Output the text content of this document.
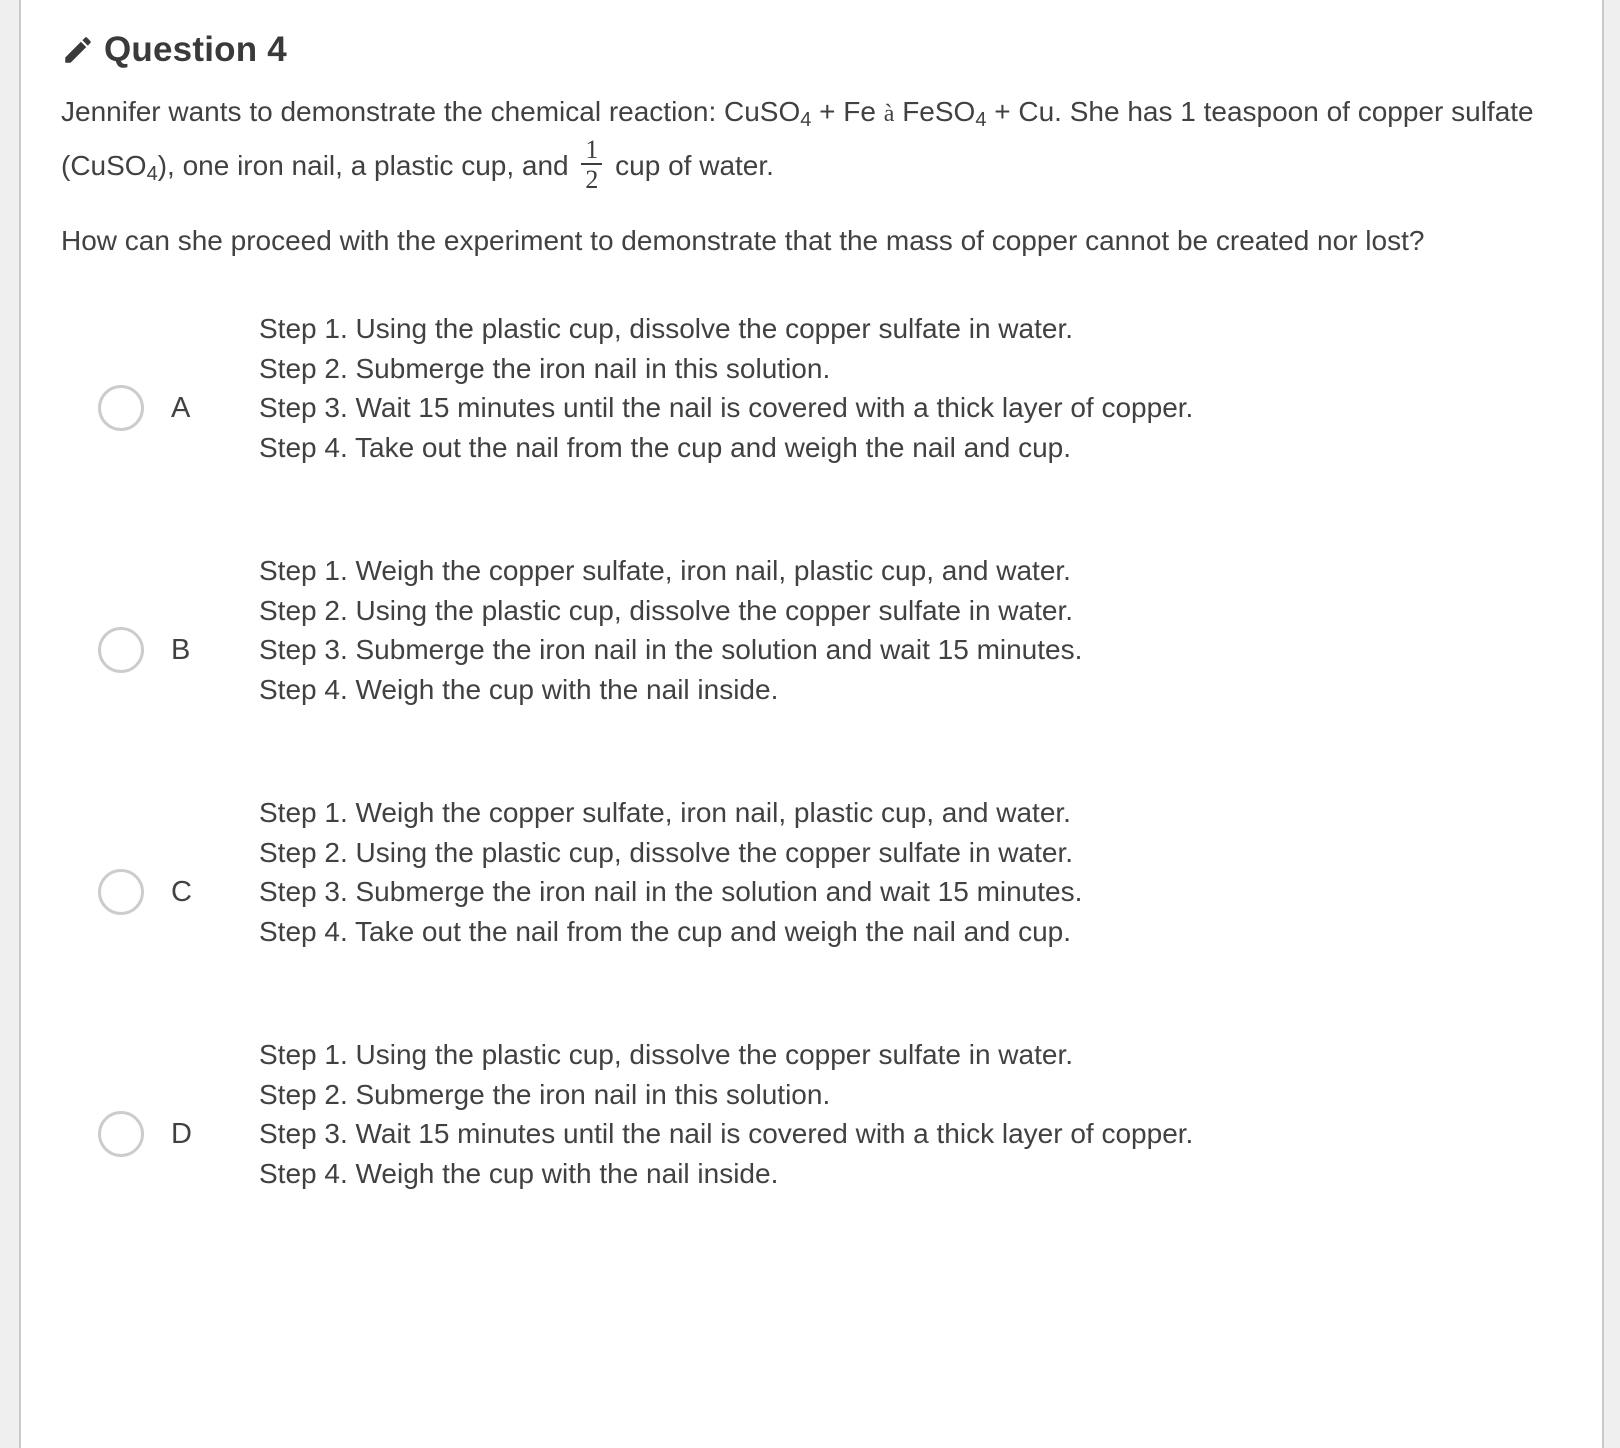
Question 4
Jennifer wants to demonstrate the chemical reaction: CuSO$_4$ + Fe à FeSO$_4$ + Cu. She has 1 teaspoon of copper sulfate (CuSO$_4$), one iron nail, a plastic cup, and $\frac{1}{2}$ cup of water.
How can she proceed with the experiment to demonstrate that the mass of copper cannot be created nor lost?
A
Step 1. Using the plastic cup, dissolve the copper sulfate in water.
Step 2. Submerge the iron nail in this solution.
Step 3. Wait 15 minutes until the nail is covered with a thick layer of copper.
Step 4. Take out the nail from the cup and weigh the nail and cup.
B
Step 1. Weigh the copper sulfate, iron nail, plastic cup, and water.
Step 2. Using the plastic cup, dissolve the copper sulfate in water.
Step 3. Submerge the iron nail in the solution and wait 15 minutes.
Step 4. Weigh the cup with the nail inside.
C
Step 1. Weigh the copper sulfate, iron nail, plastic cup, and water.
Step 2. Using the plastic cup, dissolve the copper sulfate in water.
Step 3. Submerge the iron nail in the solution and wait 15 minutes.
Step 4. Take out the nail from the cup and weigh the nail and cup.
D
Step 1. Using the plastic cup, dissolve the copper sulfate in water.
Step 2. Submerge the iron nail in this solution.
Step 3. Wait 15 minutes until the nail is covered with a thick layer of copper.
Step 4. Weigh the cup with the nail inside.
